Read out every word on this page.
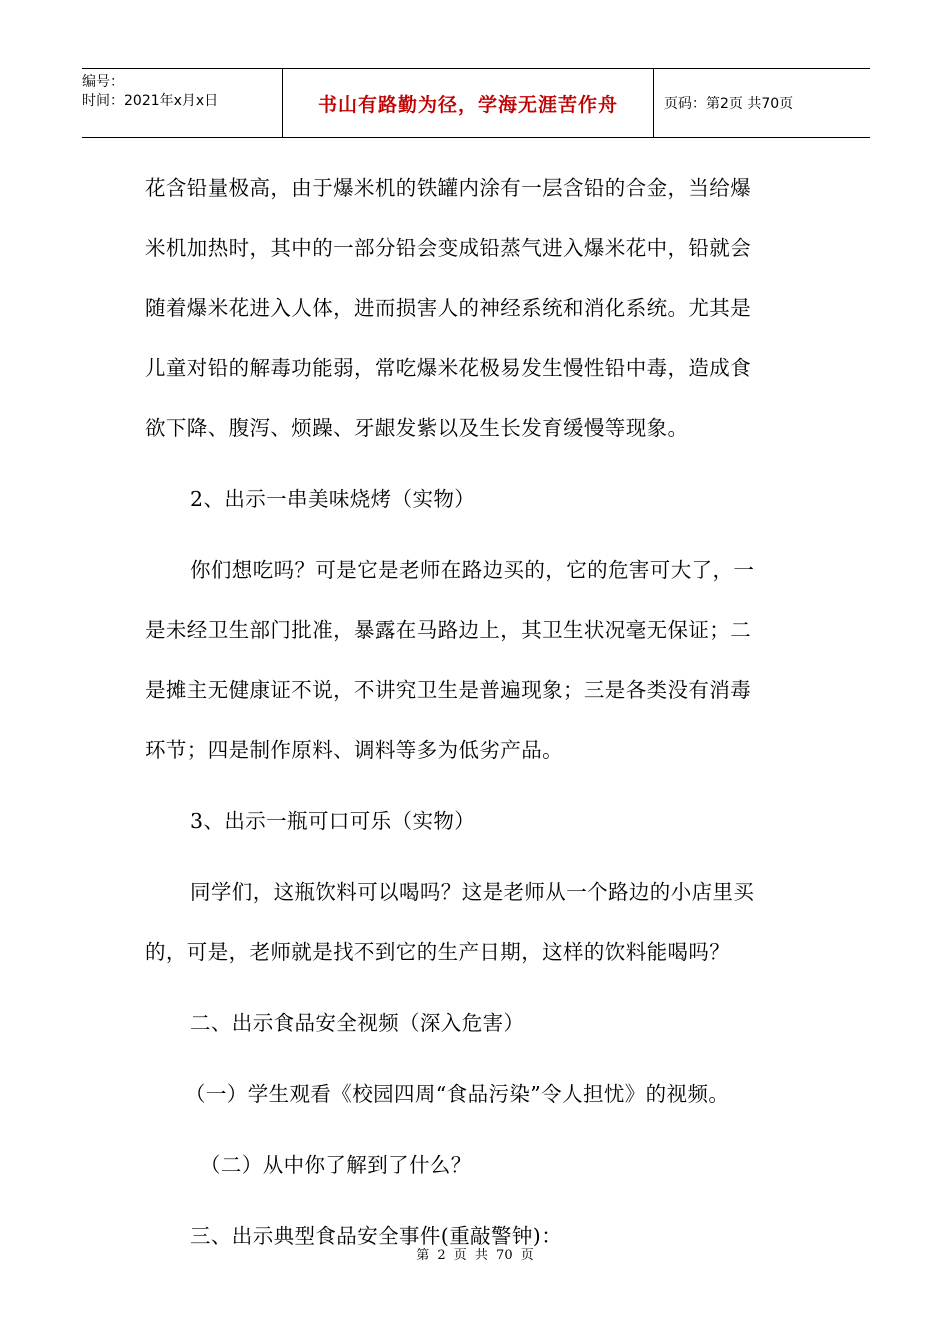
编号：
时间：2021年x月x日	书山有路勤为径，学海无涯苦作舟	页码：第2页 共70页
花含铅量极高，由于爆米机的铁罐内涂有一层含铅的合金，当给爆
米机加热时，其中的一部分铅会变成铅蒸气进入爆米花中，铅就会
随着爆米花进入人体，进而损害人的神经系统和消化系统。尤其是
儿童对铅的解毒功能弱，常吃爆米花极易发生慢性铅中毒，造成食
欲下降、腹泻、烦躁、牙龈发紫以及生长发育缓慢等现象。
2、出示一串美味烧烤（实物）
你们想吃吗？可是它是老师在路边买的，它的危害可大了，一
是未经卫生部门批准，暴露在马路边上，其卫生状况毫无保证；二
是摊主无健康证不说，不讲究卫生是普遍现象；三是各类没有消毒
环节；四是制作原料、调料等多为低劣产品。
3、出示一瓶可口可乐（实物）
同学们，这瓶饮料可以喝吗？这是老师从一个路边的小店里买
的，可是，老师就是找不到它的生产日期，这样的饮料能喝吗？
二、出示食品安全视频（深入危害）
（一）学生观看《校园四周“食品污染”令人担忧》的视频。
（二）从中你了解到了什么？
三、出示典型食品安全事件(重敲警钟)：
第 2 页 共 70 页
